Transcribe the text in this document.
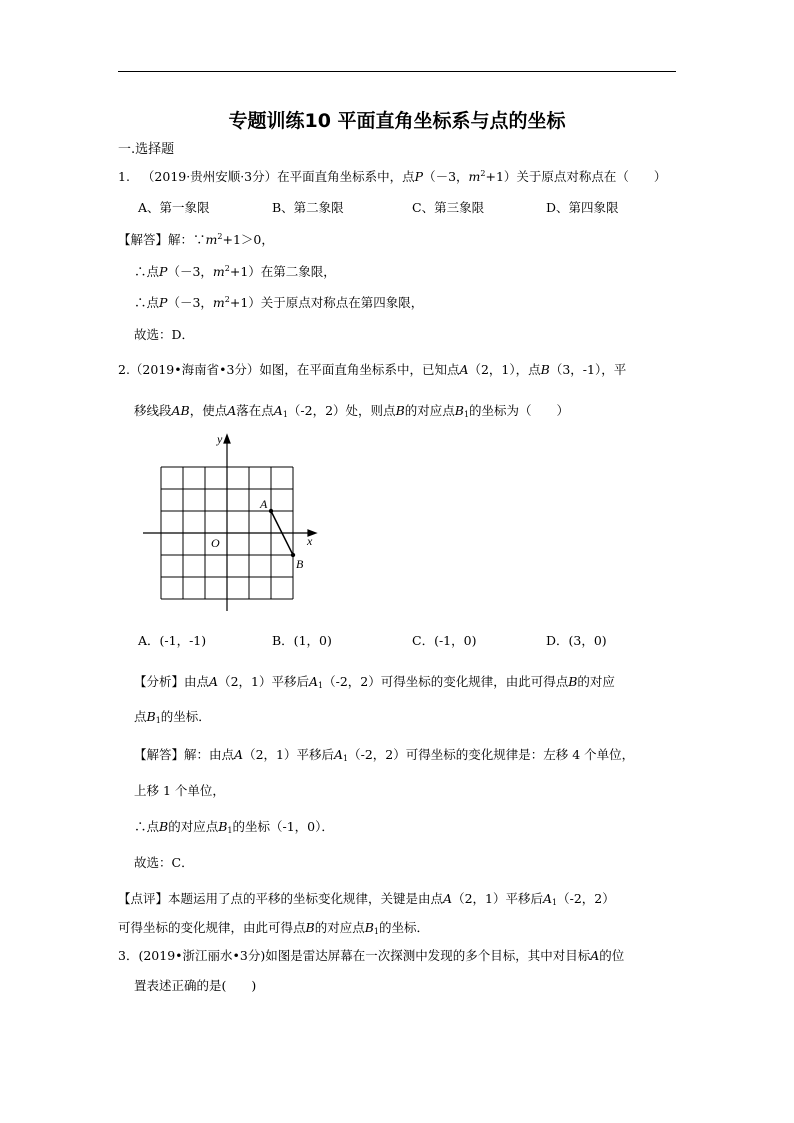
专题训练10 平面直角坐标系与点的坐标
一.选择题
1. （2019·贵州安顺·3分）在平面直角坐标系中，点P（－3，$m^2+1$）关于原点对称点在（　　）
A、第一象限	B、第二象限	C、第三象限	D、第四象限
【解答】解：$\because m^2+1>0$，
∴点P（－3，$m^2+1$）在第二象限，
∴点P（－3，$m^2+1$）关于原点对称点在第四象限，
故选：D．
2.（2019•海南省•3分）如图，在平面直角坐标系中，已知点A（2，1），点B（3，-1），平
移线段AB，使点A落在点$A_1(-2$，2）处，则点B的对应点$B_1$的坐标为（　　）
y
x
O
A
B
A．(-1，-1)	B．(1，0)	C．(-1，0)	D．(3，0)
【分析】由点A（2，1）平移后$A_1(-2$，2）可得坐标的变化规律，由此可得点B的对应
点$B_1$的坐标．
【解答】解：由点A（2，1）平移后$A_1(-2$，2）可得坐标的变化规律是：左移 4 个单位，
上移 1 个单位，
∴点B的对应点$B_1$的坐标（-1，0）．
故选：C．
【点评】本题运用了点的平移的坐标变化规律，关键是由点A（2，1）平移后$A_1(-2$，2）
可得坐标的变化规律，由此可得点B的对应点$B_1$的坐标．
3．(2019•浙江丽水•3分)如图是雷达屏幕在一次探测中发现的多个目标，其中对目标A的位
置表述正确的是(　　)
